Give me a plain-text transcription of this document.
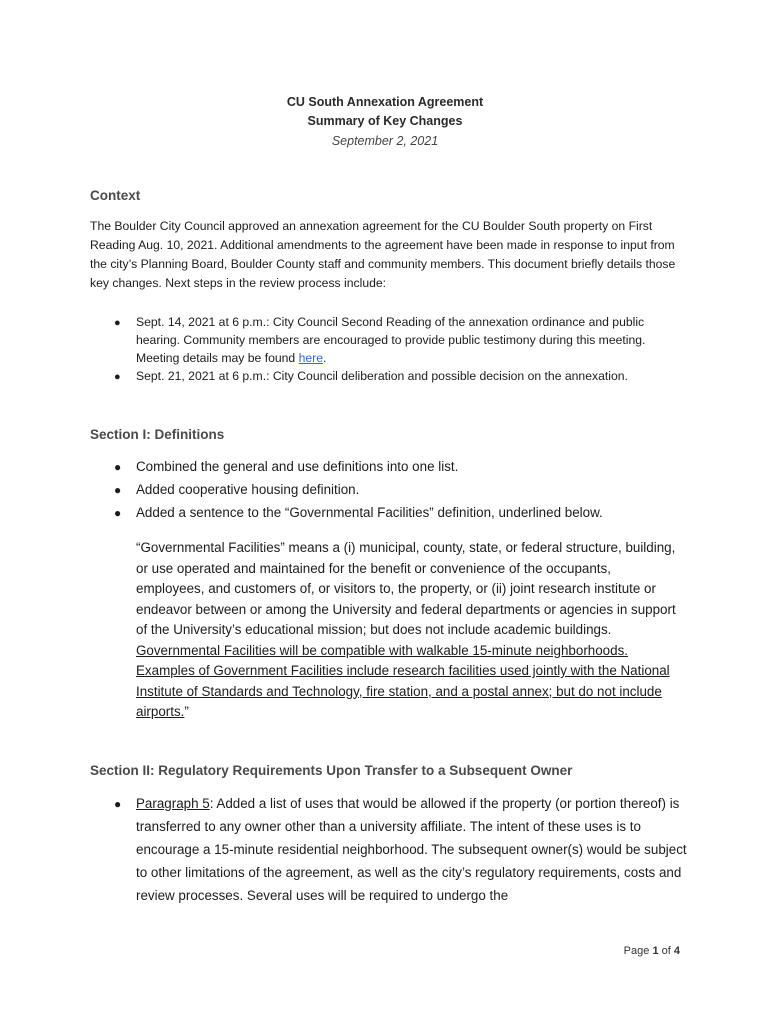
CU South Annexation Agreement
Summary of Key Changes
September 2, 2021
Context
The Boulder City Council approved an annexation agreement for the CU Boulder South property on First Reading Aug. 10, 2021. Additional amendments to the agreement have been made in response to input from the city’s Planning Board, Boulder County staff and community members. This document briefly details those key changes. Next steps in the review process include:
● Sept. 14, 2021 at 6 p.m.: City Council Second Reading of the annexation ordinance and public hearing. Community members are encouraged to provide public testimony during this meeting. Meeting details may be found here.
● Sept. 21, 2021 at 6 p.m.: City Council deliberation and possible decision on the annexation.
Section I: Definitions
● Combined the general and use definitions into one list.
● Added cooperative housing definition.
● Added a sentence to the “Governmental Facilities” definition, underlined below.
“Governmental Facilities” means a (i) municipal, county, state, or federal structure, building, or use operated and maintained for the benefit or convenience of the occupants, employees, and customers of, or visitors to, the property, or (ii) joint research institute or endeavor between or among the University and federal departments or agencies in support of the University’s educational mission; but does not include academic buildings. Governmental Facilities will be compatible with walkable 15-minute neighborhoods. Examples of Government Facilities include research facilities used jointly with the National Institute of Standards and Technology, fire station, and a postal annex; but do not include airports.”
Section II: Regulatory Requirements Upon Transfer to a Subsequent Owner
● Paragraph 5: Added a list of uses that would be allowed if the property (or portion thereof) is transferred to any owner other than a university affiliate. The intent of these uses is to encourage a 15-minute residential neighborhood. The subsequent owner(s) would be subject to other limitations of the agreement, as well as the city’s regulatory requirements, costs and review processes. Several uses will be required to undergo the
Page 1 of 4
